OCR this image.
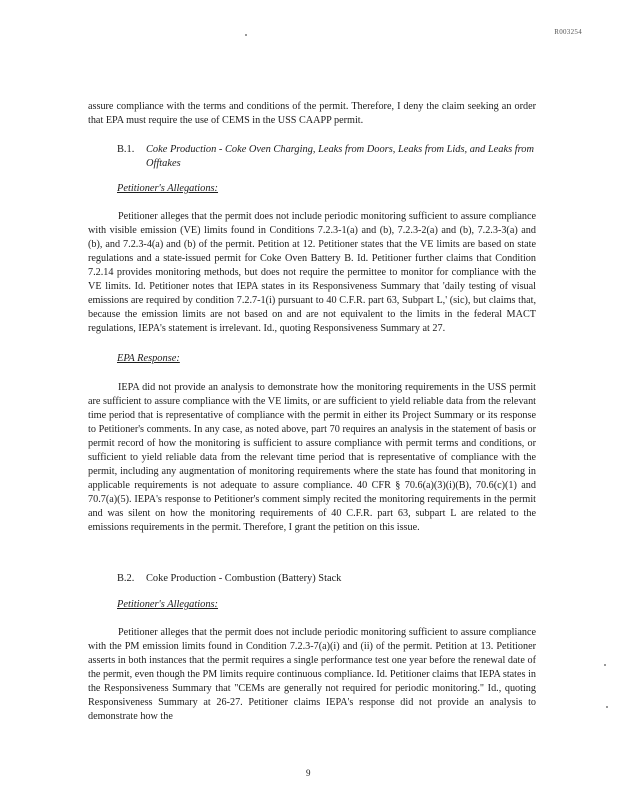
R003254
assure compliance with the terms and conditions of the permit. Therefore, I deny the claim seeking an order that EPA must require the use of CEMS in the USS CAAPP permit.
B.1. Coke Production - Coke Oven Charging, Leaks from Doors, Leaks from Lids, and Leaks from Offtakes
Petitioner's Allegations:
Petitioner alleges that the permit does not include periodic monitoring sufficient to assure compliance with visible emission (VE) limits found in Conditions 7.2.3-1(a) and (b), 7.2.3-2(a) and (b), 7.2.3-3(a) and (b), and 7.2.3-4(a) and (b) of the permit. Petition at 12. Petitioner states that the VE limits are based on state regulations and a state-issued permit for Coke Oven Battery B. Id. Petitioner further claims that Condition 7.2.14 provides monitoring methods, but does not require the permittee to monitor for compliance with the VE limits. Id. Petitioner notes that IEPA states in its Responsiveness Summary that 'daily testing of visual emissions are required by condition 7.2.7-1(i) pursuant to 40 C.F.R. part 63, Subpart L,' (sic), but claims that, because the emission limits are not based on and are not equivalent to the limits in the federal MACT regulations, IEPA's statement is irrelevant. Id., quoting Responsiveness Summary at 27.
EPA Response:
IEPA did not provide an analysis to demonstrate how the monitoring requirements in the USS permit are sufficient to assure compliance with the VE limits, or are sufficient to yield reliable data from the relevant time period that is representative of compliance with the permit in either its Project Summary or its response to Petitioner's comments. In any case, as noted above, part 70 requires an analysis in the statement of basis or permit record of how the monitoring is sufficient to assure compliance with permit terms and conditions, or sufficient to yield reliable data from the relevant time period that is representative of compliance with the permit, including any augmentation of monitoring requirements where the state has found that monitoring in applicable requirements is not adequate to assure compliance. 40 CFR § 70.6(a)(3)(i)(B), 70.6(c)(1) and 70.7(a)(5). IEPA's response to Petitioner's comment simply recited the monitoring requirements in the permit and was silent on how the monitoring requirements of 40 C.F.R. part 63, subpart L are related to the emissions requirements in the permit. Therefore, I grant the petition on this issue.
B.2. Coke Production - Combustion (Battery) Stack
Petitioner's Allegations:
Petitioner alleges that the permit does not include periodic monitoring sufficient to assure compliance with the PM emission limits found in Condition 7.2.3-7(a)(i) and (ii) of the permit. Petition at 13. Petitioner asserts in both instances that the permit requires a single performance test one year before the renewal date of the permit, even though the PM limits require continuous compliance. Id. Petitioner claims that IEPA states in the Responsiveness Summary that "CEMs are generally not required for periodic monitoring." Id., quoting Responsiveness Summary at 26-27. Petitioner claims IEPA's response did not provide an analysis to demonstrate how the
9
